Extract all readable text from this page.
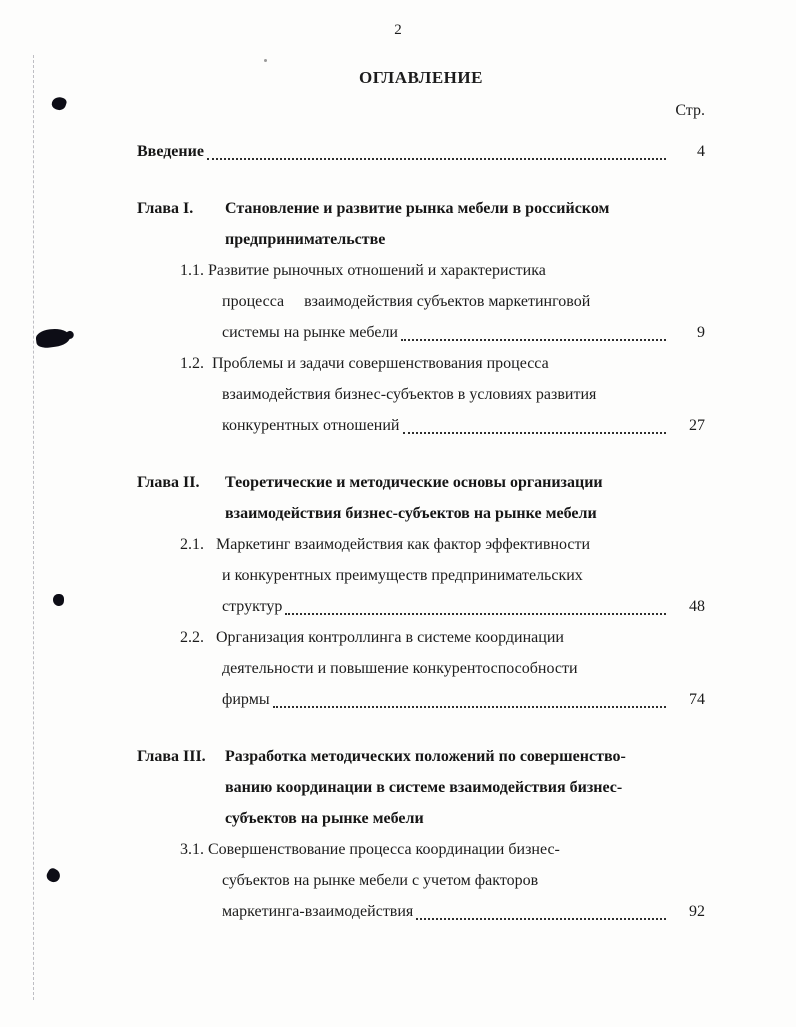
2
ОГЛАВЛЕНИЕ
Стр.
Введение	4
Глава I.	Становление и развитие рынка мебели в российском
предпринимательстве
1.1. Развитие рыночных отношений и характеристика
процесса     взаимодействия субъектов маркетинговой
системы на рынке мебели	9
1.2.  Проблемы и задачи совершенствования процесса
взаимодействия бизнес-субъектов в условиях развития
конкурентных отношений	27
Глава II.	Теоретические и методические основы организации
взаимодействия бизнес-субъектов на рынке мебели
2.1.   Маркетинг взаимодействия как фактор эффективности
и конкурентных преимуществ предпринимательских
структур	48
2.2.   Организация контроллинга в системе координации
деятельности и повышение конкурентоспособности
фирмы	74
Глава III.	Разработка методических положений по совершенство-
ванию координации в системе взаимодействия бизнес-
субъектов на рынке мебели
3.1. Совершенствование процесса координации бизнес-
субъектов на рынке мебели с учетом факторов
маркетинга-взаимодействия	92
